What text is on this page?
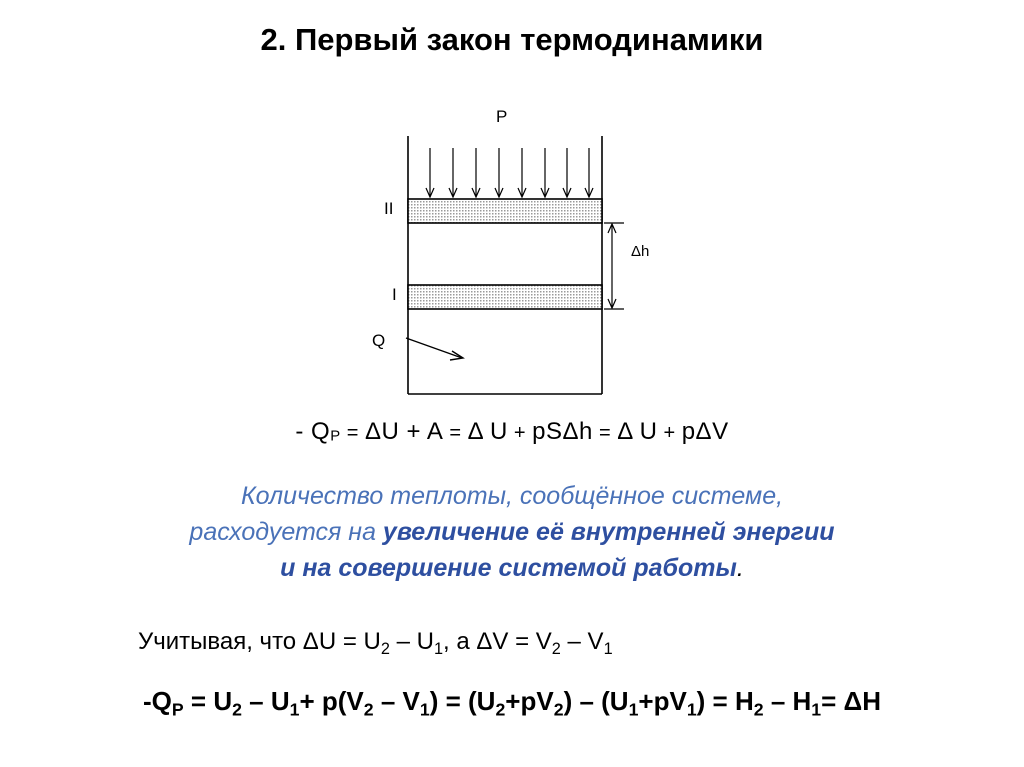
2. Первый закон термодинамики
P
II
I
Δh
Q
- $Q_P = \Delta U + A = \Delta$ U + pSΔh = Δ U + pΔV
Количество теплоты, сообщённое системе,
расходуется на увеличение её внутренней энергии
и на совершение системой работы.
Учитывая, что $\Delta U = U_2 - U_1$, а $\Delta V = V_2 - V_1$
$-Q_P = U_2 - U_1+ p(V_2 - V_1) = (U_2+pV_2) - (U_1+pV_1) = H_2 - H_1= \Delta H$
